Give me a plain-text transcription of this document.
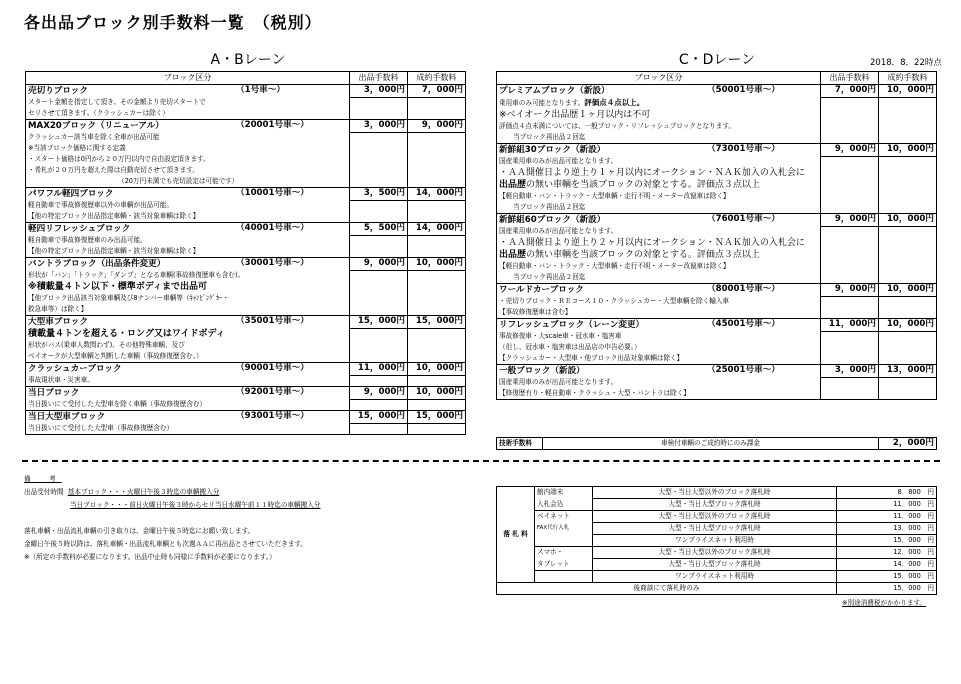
各出品ブロック別手数料一覧　（税別）
A・Bレーン
ブロック区分	出品手数料	成約手数料
売切りブロック （1号車～）	3，000円	7，000円

スタート金額を指定して頂き、その金額より売切スタートで
セリさせて頂きます。（クラッシュカーは除く）		

MAX20ブロック（リニューアル） （20001号車～）	3，000円	9，000円

クラッシュカー該当車を除く全車が出品可能
※当該ブロック価格に関する定義
・スタート価格は0円から２０万円以内で自由設定頂きます。
・希札が２０万円を超えた際は自動売切させて頂きます。
（20万円未満でも売切設定は可能です）		

パワフル軽四ブロック （10001号車～）	3，500円	14，000円

軽自動車で事故修復歴車以外の車輌が出品可能。
【他の特定ブロック出品指定車輌・該当対象車輌は除く】		

軽四リフレッシュブロック （40001号車～）	5，500円	14，000円

軽自動車で事故修復歴車のみ出品可能。
【他の特定ブロック出品指定車輌・該当対象車輌は除く】		

バントラブロック（出品条件変更） （30001号車～）	9，000円	10，000円

形状が「バン」「トラック」「ダンプ」となる車輌(事故修復歴車も含む)。
※積載量４トン以下・標準ボディまで出品可
【他ブロック出品該当対象車輌及び8ナンバー車輌等（ｷｬﾝﾋﾟﾝｸﾞｶｰ・
救急車等）は除く】		

大型車ブロック （35001号車～）	15，000円	15，000円

積載量４トンを超える・ロング又はワイドボディ
形状がバス(乗車人数問わず)、その他特殊車輌、及び
ベイオークが大型車輌と判断した車輌（事故修復歴含む。）		

クラッシュカーブロック （90001号車～）	11，000円	10，000円

事故現状車・災害車。		

当日ブロック （92001号車～）	9，000円	10，000円

当日扱いにて受付した大型車を除く車輌（事故修復歴含む）		

当日大型車ブロック （93001号車～）	15，000円	15，000円

当日扱いにて受付した大型車（事故修復歴含む）		

C・Dレーン	2018．8．22時点
ブロック区分	出品手数料	成約手数料
プレミアムブロック（新設） （50001号車～）	7，000円	10，000円

乗用車のみ可能となります。評価点４点以上。
※ベイオーク出品歴１ヶ月以内は不可
評価点４点未満については、一般ブロック・リフレッシュブロックとなります。
当ブロック再出品２回迄		

新鮮組30ブロック（新設） （73001号車～）	9，000円	10，000円

国産乗用車のみが出品可能となります。
・ＡＡ開催日より逆上り１ヶ月以内にオークション・ＮＡＫ加入の入札会に
出品歴の無い車輌を当該ブロックの対象とする。評価点３点以上
【軽自動車・バン・トラック・大型車輌・走行不明・メーター改竄車は除く】
当ブロック再出品２回迄		

新鮮組60ブロック（新設） （76001号車～）	9，000円	10，000円

国産乗用車のみが出品可能となります。
・ＡＡ開催日より逆上り２ヶ月以内にオークション・ＮＡＫ加入の入札会に
出品歴の無い車輌を当該ブロックの対象とする。評価点３点以上
【軽自動車・バン・トラック・大型車輌・走行不明・メーター改竄車は除く】
当ブロック再出品２回迄		

ワールドカーブロック （80001号車～）	9，000円	10，000円

・売切りブロック・ＲＥコース１０・クラッシュカー・大型車輌を除く輸入車
【事故修復歴車は含む】		

リフレッシュブロック（レーン変更） （45001号車～）	11，000円	10，000円

事故修復車・大scale車・冠水車・塩害車
（但し、冠水車・塩害車は出品店の申告必要。）
【クラッシュカー・大型車・他ブロック出品対象車輌は除く】		

一般ブロック（新設） （25001号車～）	3，000円	13，000円

国産乗用車のみが出品可能となります。
【修復歴有り・軽自動車・クラッシュ・大型・バントラは除く】		

技術手数料	車検付車輌のご成約時にのみ課金	2，000円
備　考
出品受付時間 基本ブロック・・・火曜日午後３時迄の車輌搬入分
当日ブロック・・・前日火曜日午後３時からセリ当日水曜午前１１時迄の車輌搬入分
落札車輌・出品流札車輌の引き取りは、金曜日午後５時迄にお願い致します。
金曜日午後５時以降は、落札車輌・出品流札車輌とも次週ＡＡに再出品とさせていただきます。
※（所定の手数料が必要になります。出品中止時も同様に手数料が必要になります。）
落 札 料	館内端末	大型・当日大型以外のブロック落札時	8．800　円
	入札会込	大型・当日大型ブロック落札時	11．000　円
	ベイネット	大型・当日大型以外のブロック落札時	11．000　円
	FAX代行入札	大型・当日大型ブロック落札時	13．000　円
		ワンプライスネット利用時	15．000　円
	スマホ・	大型・当日大型以外のブロック落札時	12．000　円
	タブレット	大型・当日大型ブロック落札時	14．000　円
		ワンプライスネット利用時	15．000　円
後商談にて落札時のみ			15．000　円
※別途消費税がかかります。
